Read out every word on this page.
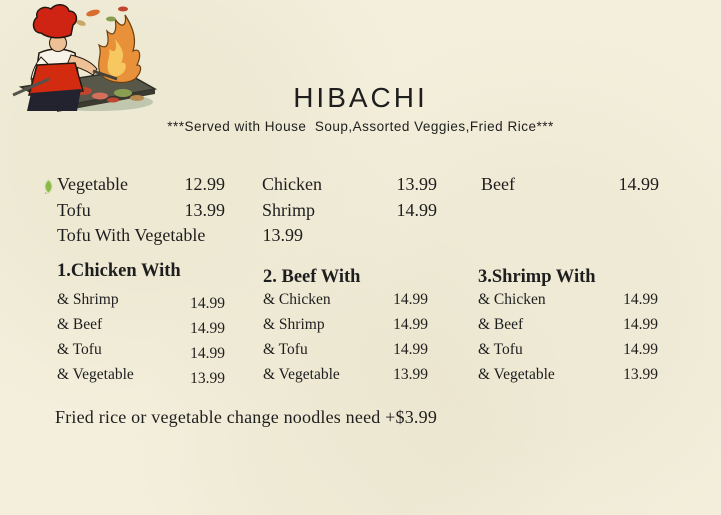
HIBACHI
***Served with House  Soup,Assorted Veggies,Fried Rice***
Vegetable	12.99
Tofu	13.99
Tofu With Vegetable	13.99
Chicken	13.99
Shrimp	14.99
Beef	14.99
1.Chicken With
& Shrimp	14.99
& Beef	14.99
& Tofu	14.99
& Vegetable	13.99
2. Beef With
& Chicken	14.99
& Shrimp	14.99
& Tofu	14.99
& Vegetable	13.99
3.Shrimp With
& Chicken	14.99
& Beef	14.99
& Tofu	14.99
& Vegetable	13.99
Fried rice or vegetable change noodles need +$3.99
